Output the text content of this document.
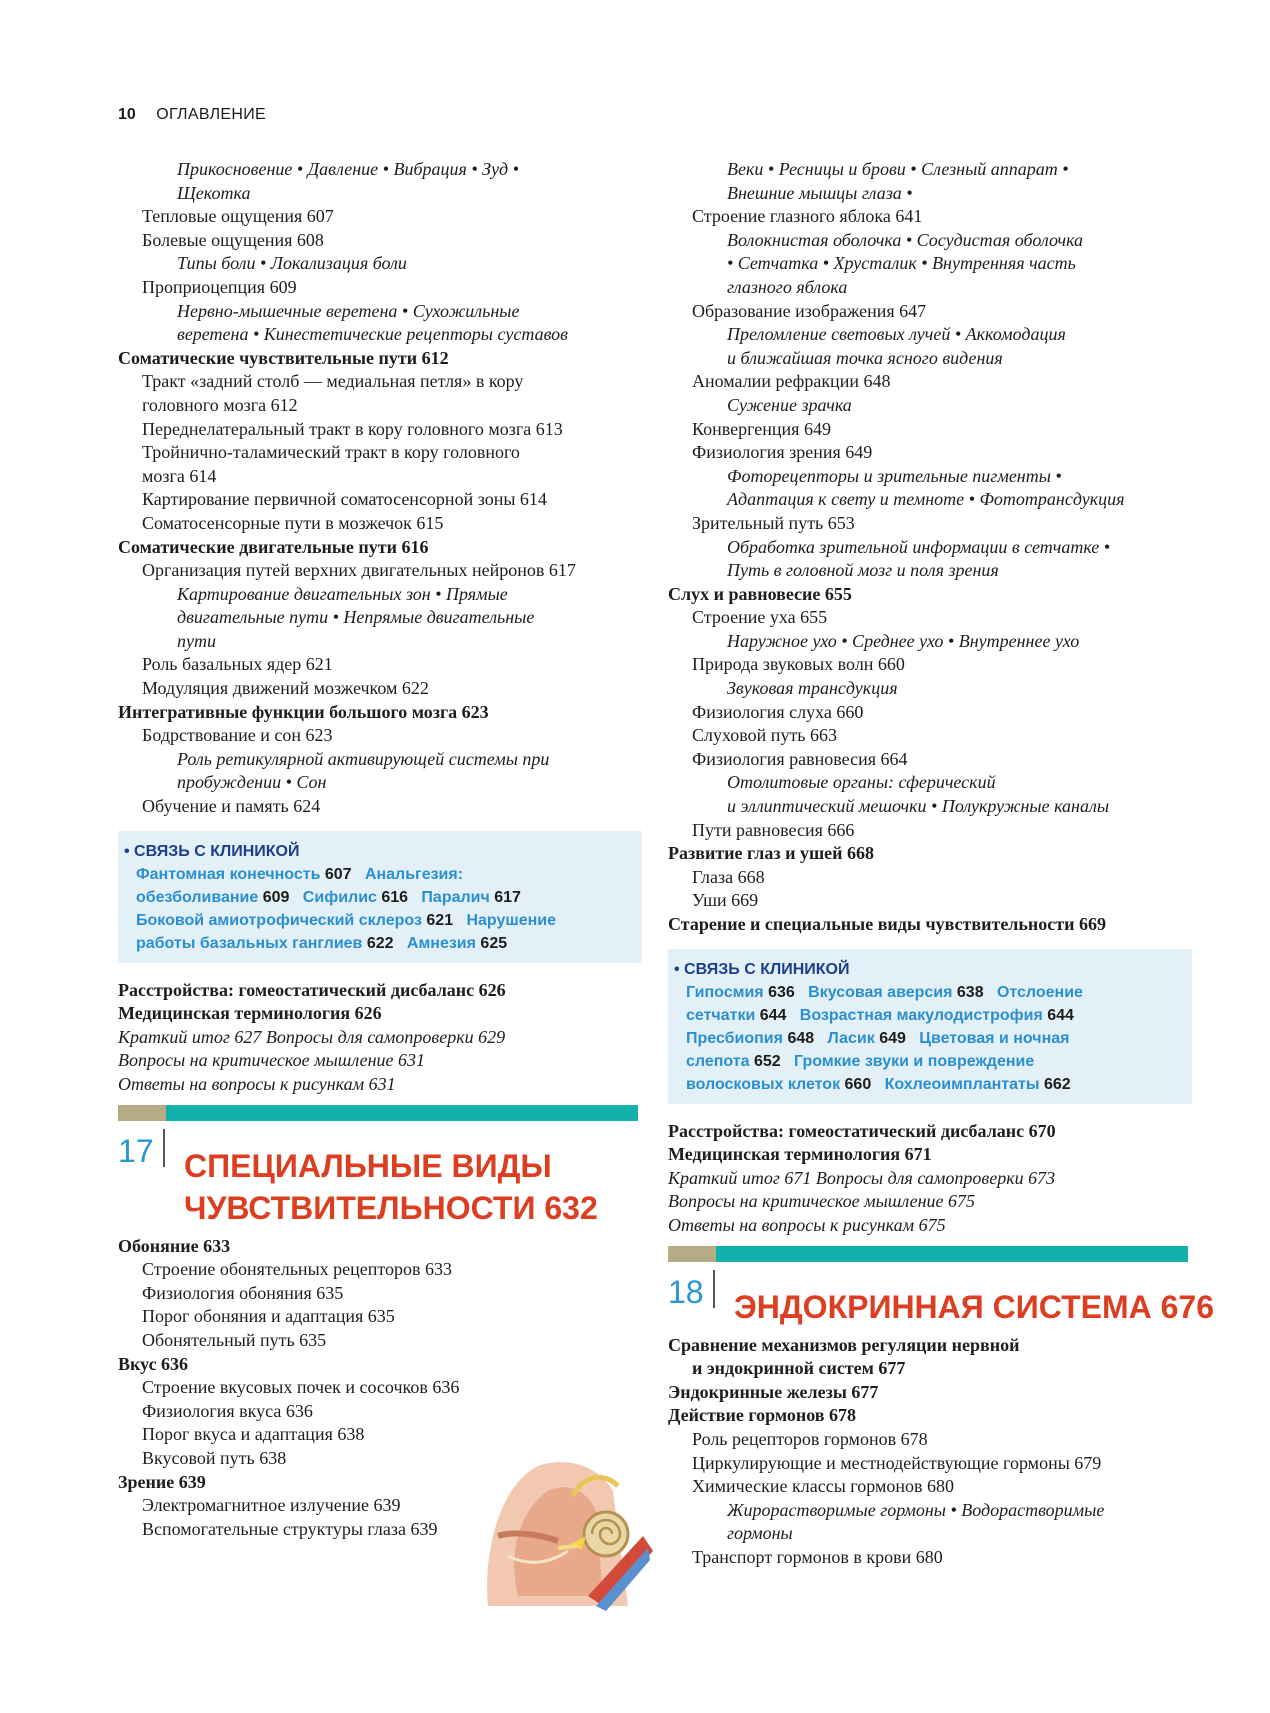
10 ОГЛАВЛЕНИЕ
Прикосновение • Давление • Вибрация • Зуд •
Щекотка
Тепловые ощущения 607
Болевые ощущения 608
Типы боли • Локализация боли
Проприоцепция 609
Нервно-мышечные веретена • Сухожильные
веретена • Кинестетические рецепторы суставов
Соматические чувствительные пути 612
Тракт «задний столб — медиальная петля» в кору
головного мозга 612
Переднелатеральный тракт в кору головного мозга 613
Тройнично-таламический тракт в кору головного
мозга 614
Картирование первичной соматосенсорной зоны 614
Соматосенсорные пути в мозжечок 615
Соматические двигательные пути 616
Организация путей верхних двигательных нейронов 617
Картирование двигательных зон • Прямые
двигательные пути • Непрямые двигательные
пути
Роль базальных ядер 621
Модуляция движений мозжечком 622
Интегративные функции большого мозга 623
Бодрствование и сон 623
Роль ретикулярной активирующей системы при
пробуждении • Сон
Обучение и память 624
• СВЯЗЬ С КЛИНИКОЙ
Фантомная конечность 607 Анальгезия:
обезболивание 609 Сифилис 616 Паралич 617
Боковой амиотрофический склероз 621 Нарушение
работы базальных ганглиев 622 Амнезия 625
Расстройства: гомеостатический дисбаланс 626
Медицинская терминология 626
Краткий итог 627 Вопросы для самопроверки 629
Вопросы на критическое мышление 631
Ответы на вопросы к рисункам 631
17 СПЕЦИАЛЬНЫЕ ВИДЫ
ЧУВСТВИТЕЛЬНОСТИ 632
Обоняние 633
Строение обонятельных рецепторов 633
Физиология обоняния 635
Порог обоняния и адаптация 635
Обонятельный путь 635
Вкус 636
Строение вкусовых почек и сосочков 636
Физиология вкуса 636
Порог вкуса и адаптация 638
Вкусовой путь 638
Зрение 639
Электромагнитное излучение 639
Вспомогательные структуры глаза 639
Веки • Ресницы и брови • Слезный аппарат •
Внешние мышцы глаза •
Строение глазного яблока 641
Волокнистая оболочка • Сосудистая оболочка
• Сетчатка • Хрусталик • Внутренняя часть
глазного яблока
Образование изображения 647
Преломление световых лучей • Аккомодация
и ближайшая точка ясного видения
Аномалии рефракции 648
Сужение зрачка
Конвергенция 649
Физиология зрения 649
Фоторецепторы и зрительные пигменты •
Адаптация к свету и темноте • Фототрансдукция
Зрительный путь 653
Обработка зрительной информации в сетчатке •
Путь в головной мозг и поля зрения
Слух и равновесие 655
Строение уха 655
Наружное ухо • Среднее ухо • Внутреннее ухо
Природа звуковых волн 660
Звуковая трансдукция
Физиология слуха 660
Слуховой путь 663
Физиология равновесия 664
Отолитовые органы: сферический
и эллиптический мешочки • Полукружные каналы
Пути равновесия 666
Развитие глаз и ушей 668
Глаза 668
Уши 669
Старение и специальные виды чувствительности 669
• СВЯЗЬ С КЛИНИКОЙ
Гипосмия 636 Вкусовая аверсия 638 Отслоение
сетчатки 644 Возрастная макулодистрофия 644
Пресбиопия 648 Ласик 649 Цветовая и ночная
слепота 652 Громкие звуки и повреждение
волосковых клеток 660 Кохлеоимплантаты 662
Расстройства: гомеостатический дисбаланс 670
Медицинская терминология 671
Краткий итог 671 Вопросы для самопроверки 673
Вопросы на критическое мышление 675
Ответы на вопросы к рисункам 675
18 ЭНДОКРИННАЯ СИСТЕМА 676
Сравнение механизмов регуляции нервной
и эндокринной систем 677
Эндокринные железы 677
Действие гормонов 678
Роль рецепторов гормонов 678
Циркулирующие и местнодействующие гормоны 679
Химические классы гормонов 680
Жирорастворимые гормоны • Водорастворимые
гормоны
Транспорт гормонов в крови 680
